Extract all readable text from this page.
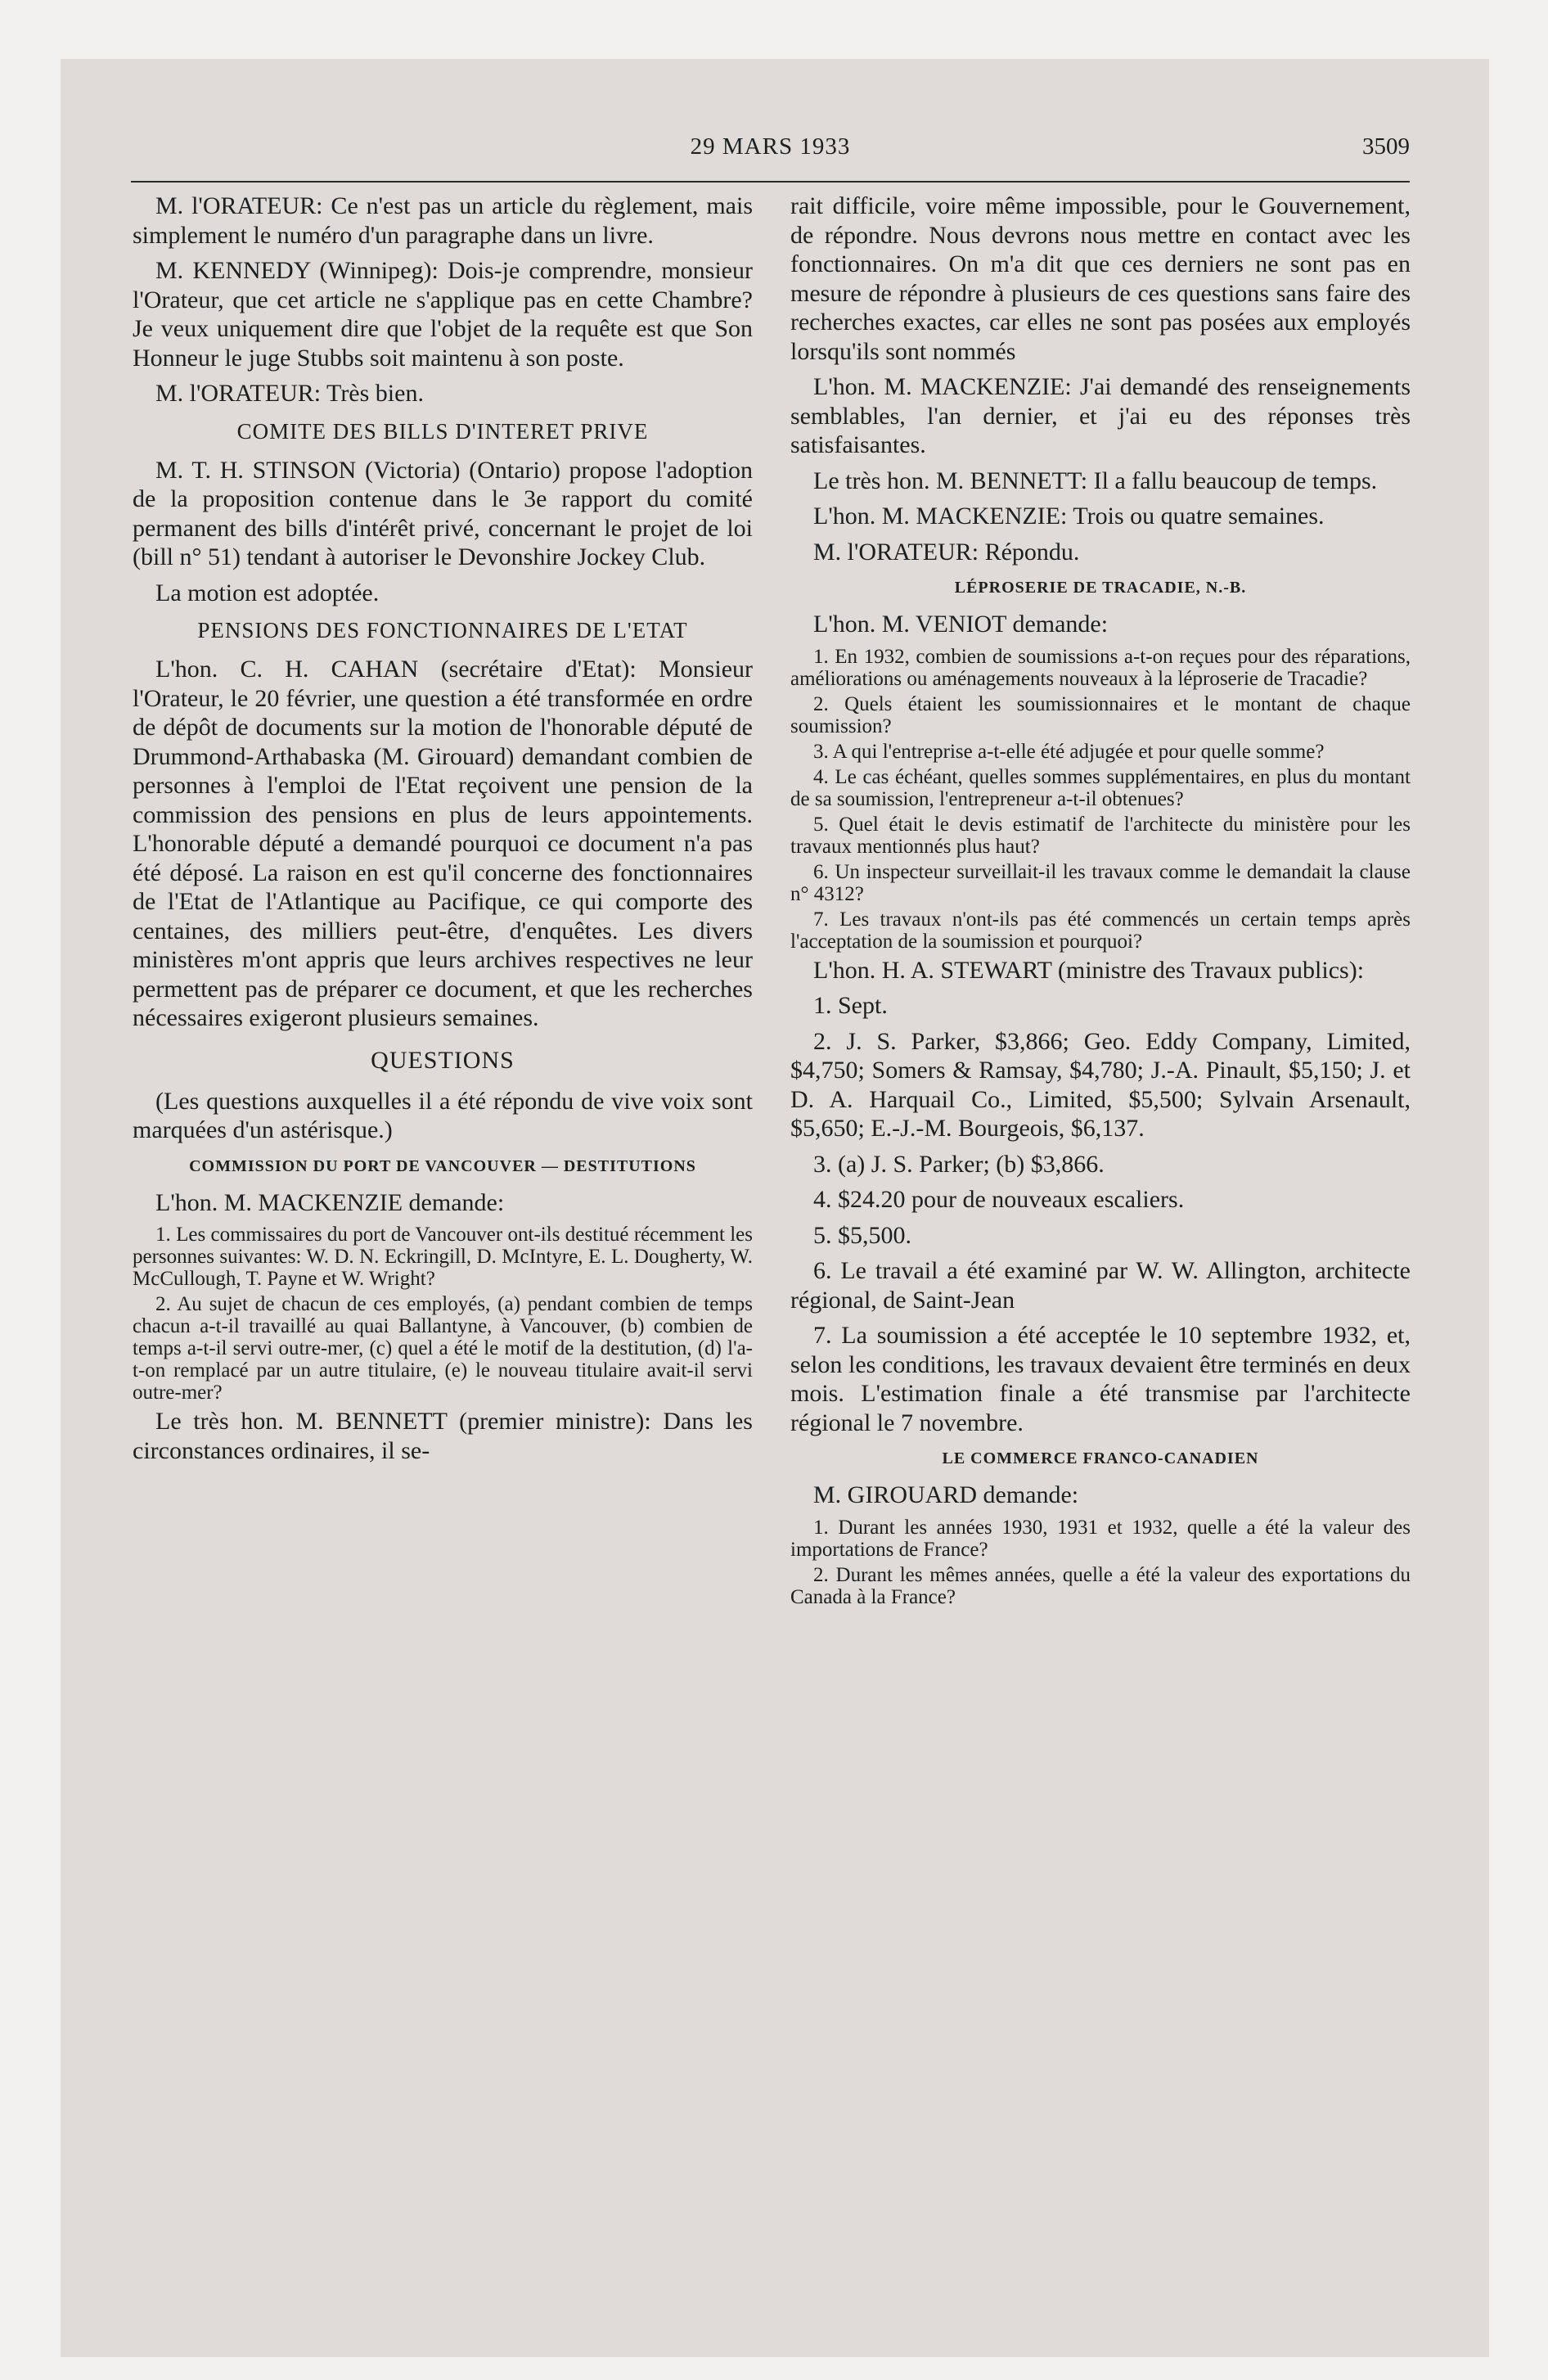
29 MARS 1933	3509

M. l'ORATEUR: Ce n'est pas un article du règlement, mais simplement le numéro d'un paragraphe dans un livre.

M. KENNEDY (Winnipeg): Dois-je comprendre, monsieur l'Orateur, que cet article ne s'applique pas en cette Chambre? Je veux uniquement dire que l'objet de la requête est que Son Honneur le juge Stubbs soit maintenu à son poste.

M. l'ORATEUR: Très bien.

COMITE DES BILLS D'INTERET PRIVE

M. T. H. STINSON (Victoria) (Ontario) propose l'adoption de la proposition contenue dans le 3e rapport du comité permanent des bills d'intérêt privé, concernant le projet de loi (bill n° 51) tendant à autoriser le Devonshire Jockey Club.

La motion est adoptée.

PENSIONS DES FONCTIONNAIRES DE L'ETAT

L'hon. C. H. CAHAN (secrétaire d'Etat): Monsieur l'Orateur, le 20 février, une question a été transformée en ordre de dépôt de documents sur la motion de l'honorable député de Drummond-Arthabaska (M. Girouard) demandant combien de personnes à l'emploi de l'Etat reçoivent une pension de la commission des pensions en plus de leurs appointements. L'honorable député a demandé pourquoi ce document n'a pas été déposé. La raison en est qu'il concerne des fonctionnaires de l'Etat de l'Atlantique au Pacifique, ce qui comporte des centaines, des milliers peut-être, d'enquêtes. Les divers ministères m'ont appris que leurs archives respectives ne leur permettent pas de préparer ce document, et que les recherches nécessaires exigeront plusieurs semaines.

QUESTIONS

(Les questions auxquelles il a été répondu de vive voix sont marquées d'un astérisque.)

COMMISSION DU PORT DE VANCOUVER — DESTITUTIONS

L'hon. M. MACKENZIE demande:

1. Les commissaires du port de Vancouver ont-ils destitué récemment les personnes suivantes: W. D. N. Eckringill, D. McIntyre, E. L. Dougherty, W. McCullough, T. Payne et W. Wright?

2. Au sujet de chacun de ces employés, (a) pendant combien de temps chacun a-t-il travaillé au quai Ballantyne, à Vancouver, (b) combien de temps a-t-il servi outre-mer, (c) quel a été le motif de la destitution, (d) l'a-t-on remplacé par un autre titulaire, (e) le nouveau titulaire avait-il servi outre-mer?

Le très hon. M. BENNETT (premier ministre): Dans les circonstances ordinaires, il se-

rait difficile, voire même impossible, pour le Gouvernement, de répondre. Nous devrons nous mettre en contact avec les fonctionnaires. On m'a dit que ces derniers ne sont pas en mesure de répondre à plusieurs de ces questions sans faire des recherches exactes, car elles ne sont pas posées aux employés lorsqu'ils sont nommés

L'hon. M. MACKENZIE: J'ai demandé des renseignements semblables, l'an dernier, et j'ai eu des réponses très satisfaisantes.

Le très hon. M. BENNETT: Il a fallu beaucoup de temps.

L'hon. M. MACKENZIE: Trois ou quatre semaines.

M. l'ORATEUR: Répondu.

LÉPROSERIE DE TRACADIE, N.-B.

L'hon. M. VENIOT demande:

1. En 1932, combien de soumissions a-t-on reçues pour des réparations, améliorations ou aménagements nouveaux à la léproserie de Tracadie?

2. Quels étaient les soumissionnaires et le montant de chaque soumission?

3. A qui l'entreprise a-t-elle été adjugée et pour quelle somme?

4. Le cas échéant, quelles sommes supplémentaires, en plus du montant de sa soumission, l'entrepreneur a-t-il obtenues?

5. Quel était le devis estimatif de l'architecte du ministère pour les travaux mentionnés plus haut?

6. Un inspecteur surveillait-il les travaux comme le demandait la clause n° 4312?

7. Les travaux n'ont-ils pas été commencés un certain temps après l'acceptation de la soumission et pourquoi?

L'hon. H. A. STEWART (ministre des Travaux publics):

1. Sept.

2. J. S. Parker, $3,866; Geo. Eddy Company, Limited, $4,750; Somers & Ramsay, $4,780; J.-A. Pinault, $5,150; J. et D. A. Harquail Co., Limited, $5,500; Sylvain Arsenault, $5,650; E.-J.-M. Bourgeois, $6,137.

3. (a) J. S. Parker; (b) $3,866.

4. $24.20 pour de nouveaux escaliers.

5. $5,500.

6. Le travail a été examiné par W. W. Allington, architecte régional, de Saint-Jean

7. La soumission a été acceptée le 10 septembre 1932, et, selon les conditions, les travaux devaient être terminés en deux mois. L'estimation finale a été transmise par l'architecte régional le 7 novembre.

LE COMMERCE FRANCO-CANADIEN

M. GIROUARD demande:

1. Durant les années 1930, 1931 et 1932, quelle a été la valeur des importations de France?

2. Durant les mêmes années, quelle a été la valeur des exportations du Canada à la France?
